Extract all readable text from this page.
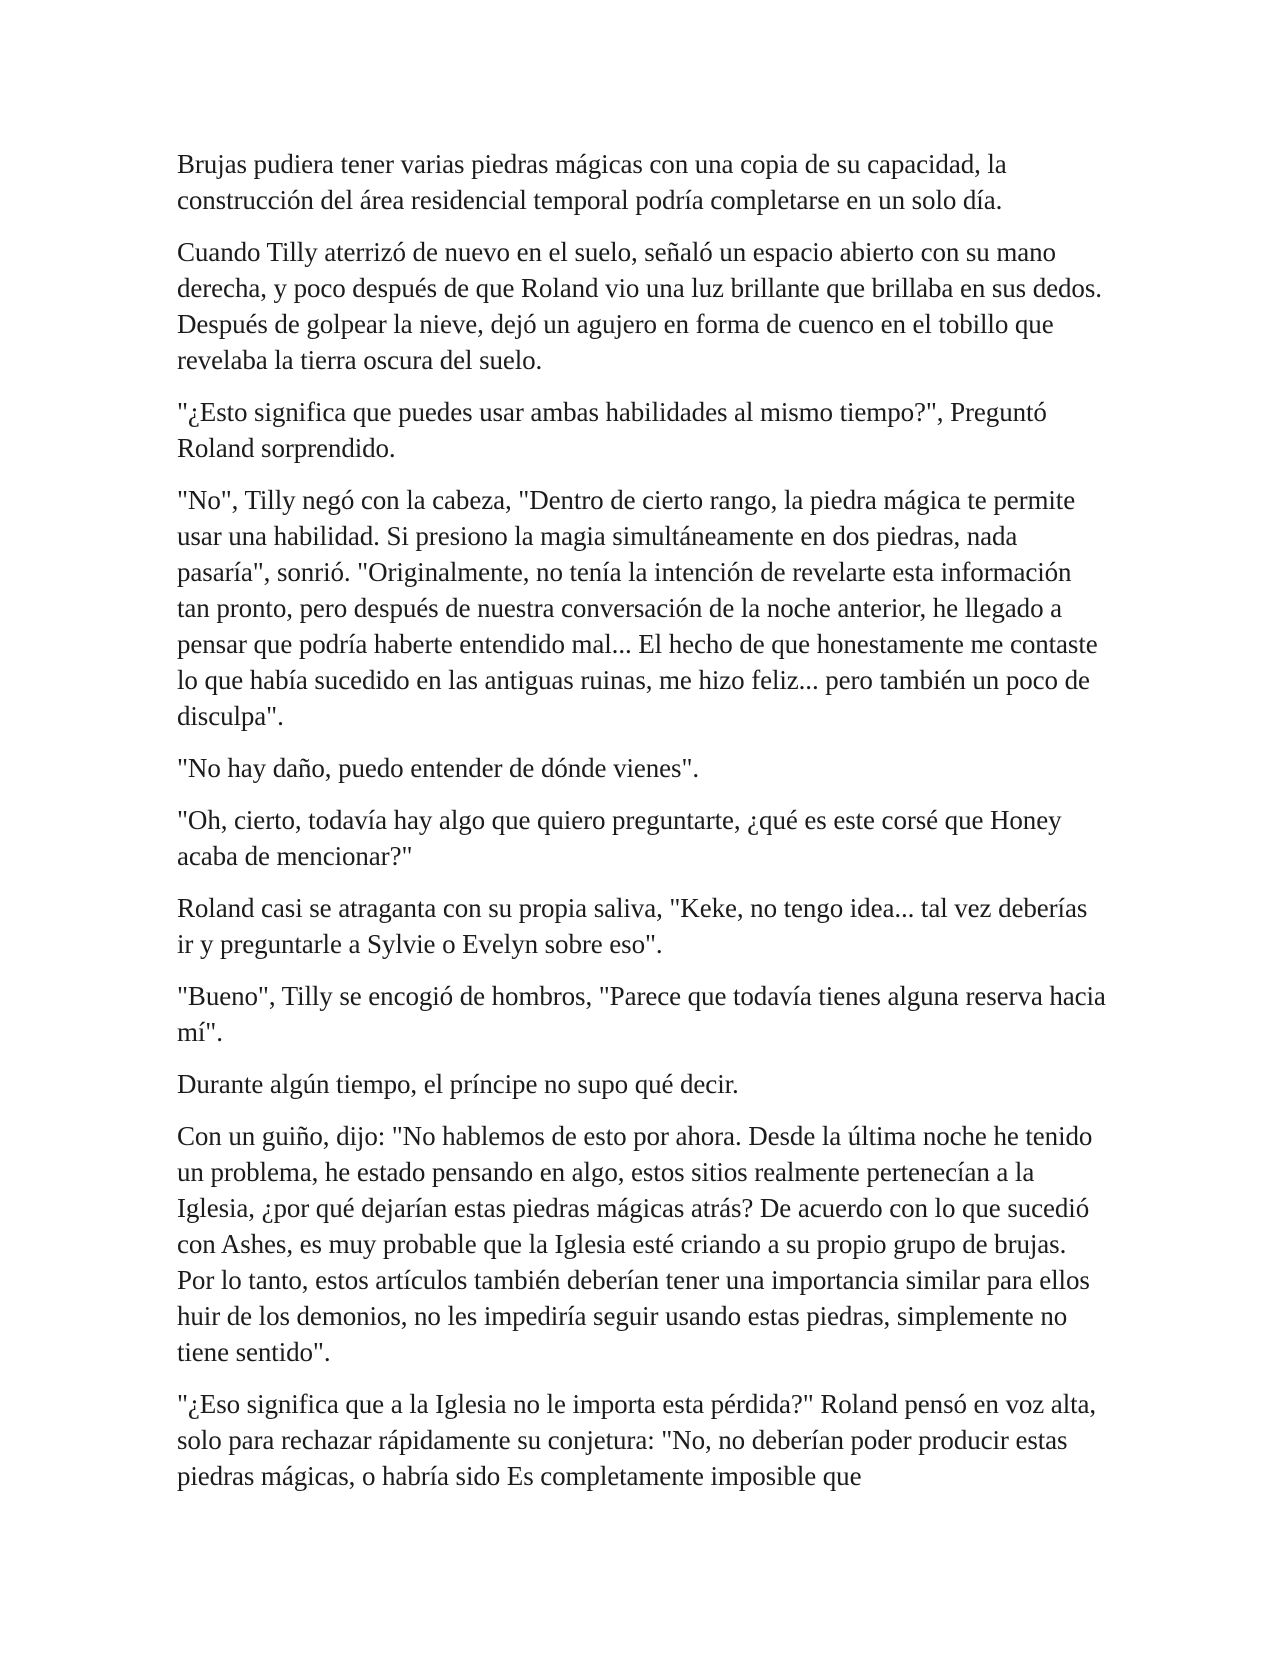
Brujas pudiera tener varias piedras mágicas con una copia de su capacidad, la construcción del área residencial temporal podría completarse en un solo día.

Cuando Tilly aterrizó de nuevo en el suelo, señaló un espacio abierto con su mano derecha, y poco después de que Roland vio una luz brillante que brillaba en sus dedos. Después de golpear la nieve, dejó un agujero en forma de cuenco en el tobillo que revelaba la tierra oscura del suelo.

"¿Esto significa que puedes usar ambas habilidades al mismo tiempo?", Preguntó Roland sorprendido.

"No", Tilly negó con la cabeza, "Dentro de cierto rango, la piedra mágica te permite usar una habilidad. Si presiono la magia simultáneamente en dos piedras, nada pasaría", sonrió. "Originalmente, no tenía la intención de revelarte esta información tan pronto, pero después de nuestra conversación de la noche anterior, he llegado a pensar que podría haberte entendido mal... El hecho de que honestamente me contaste lo que había sucedido en las antiguas ruinas, me hizo feliz... pero también un poco de disculpa".

"No hay daño, puedo entender de dónde vienes".

"Oh, cierto, todavía hay algo que quiero preguntarte, ¿qué es este corsé que Honey acaba de mencionar?"

Roland casi se atraganta con su propia saliva, "Keke, no tengo idea... tal vez deberías ir y preguntarle a Sylvie o Evelyn sobre eso".

"Bueno", Tilly se encogió de hombros, "Parece que todavía tienes alguna reserva hacia mí".

Durante algún tiempo, el príncipe no supo qué decir.

Con un guiño, dijo: "No hablemos de esto por ahora. Desde la última noche he tenido un problema, he estado pensando en algo, estos sitios realmente pertenecían a la Iglesia, ¿por qué dejarían estas piedras mágicas atrás? De acuerdo con lo que sucedió con Ashes, es muy probable que la Iglesia esté criando a su propio grupo de brujas. Por lo tanto, estos artículos también deberían tener una importancia similar para ellos huir de los demonios, no les impediría seguir usando estas piedras, simplemente no tiene sentido".

"¿Eso significa que a la Iglesia no le importa esta pérdida?" Roland pensó en voz alta, solo para rechazar rápidamente su conjetura: "No, no deberían poder producir estas piedras mágicas, o habría sido Es completamente imposible que
